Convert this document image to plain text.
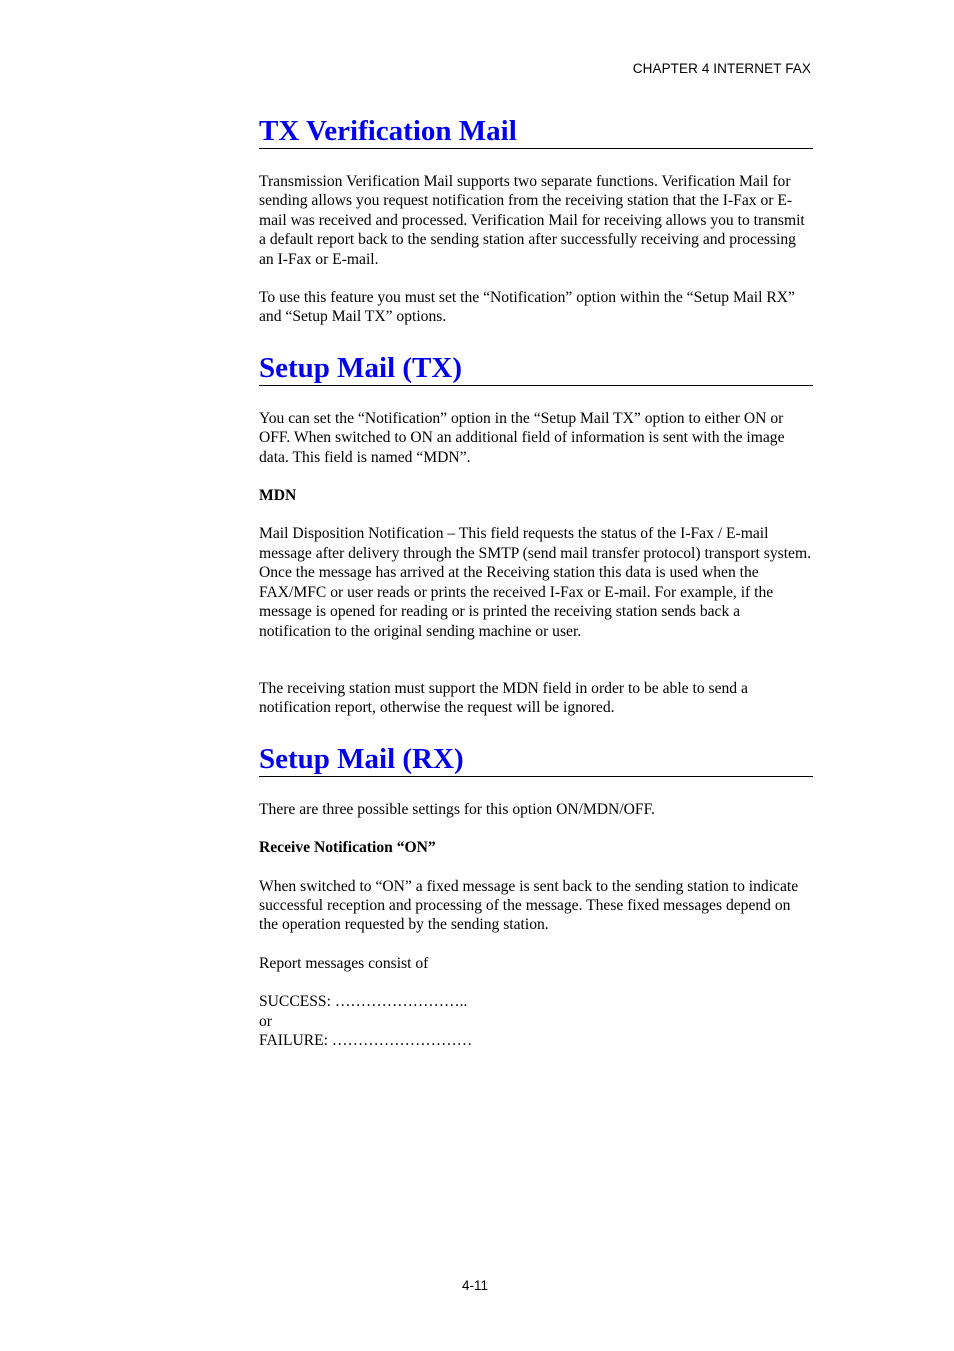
CHAPTER 4 INTERNET FAX

TX Verification Mail

Transmission Verification Mail supports two separate functions. Verification Mail for sending allows you request notification from the receiving station that the I-Fax or E-mail was received and processed. Verification Mail for receiving allows you to transmit a default report back to the sending station after successfully receiving and processing an I-Fax or E-mail.

To use this feature you must set the “Notification” option within the “Setup Mail RX” and “Setup Mail TX” options.

Setup Mail (TX)

You can set the “Notification” option in the “Setup Mail TX” option to either ON or OFF. When switched to ON an additional field of information is sent with the image data. This field is named “MDN”.

MDN

Mail Disposition Notification – This field requests the status of the I-Fax / E-mail message after delivery through the SMTP (send mail transfer protocol) transport system. Once the message has arrived at the Receiving station this data is used when the FAX/MFC or user reads or prints the received I-Fax or E-mail. For example, if the message is opened for reading or is printed the receiving station sends back a notification to the original sending machine or user.

The receiving station must support the MDN field in order to be able to send a notification report, otherwise the request will be ignored.

Setup Mail (RX)

There are three possible settings for this option ON/MDN/OFF.

Receive Notification “ON”

When switched to “ON” a fixed message is sent back to the sending station to indicate successful reception and processing of the message. These fixed messages depend on the operation requested by the sending station.

Report messages consist of

SUCCESS: ……………………..
or
FAILURE: ………………………

4-11
